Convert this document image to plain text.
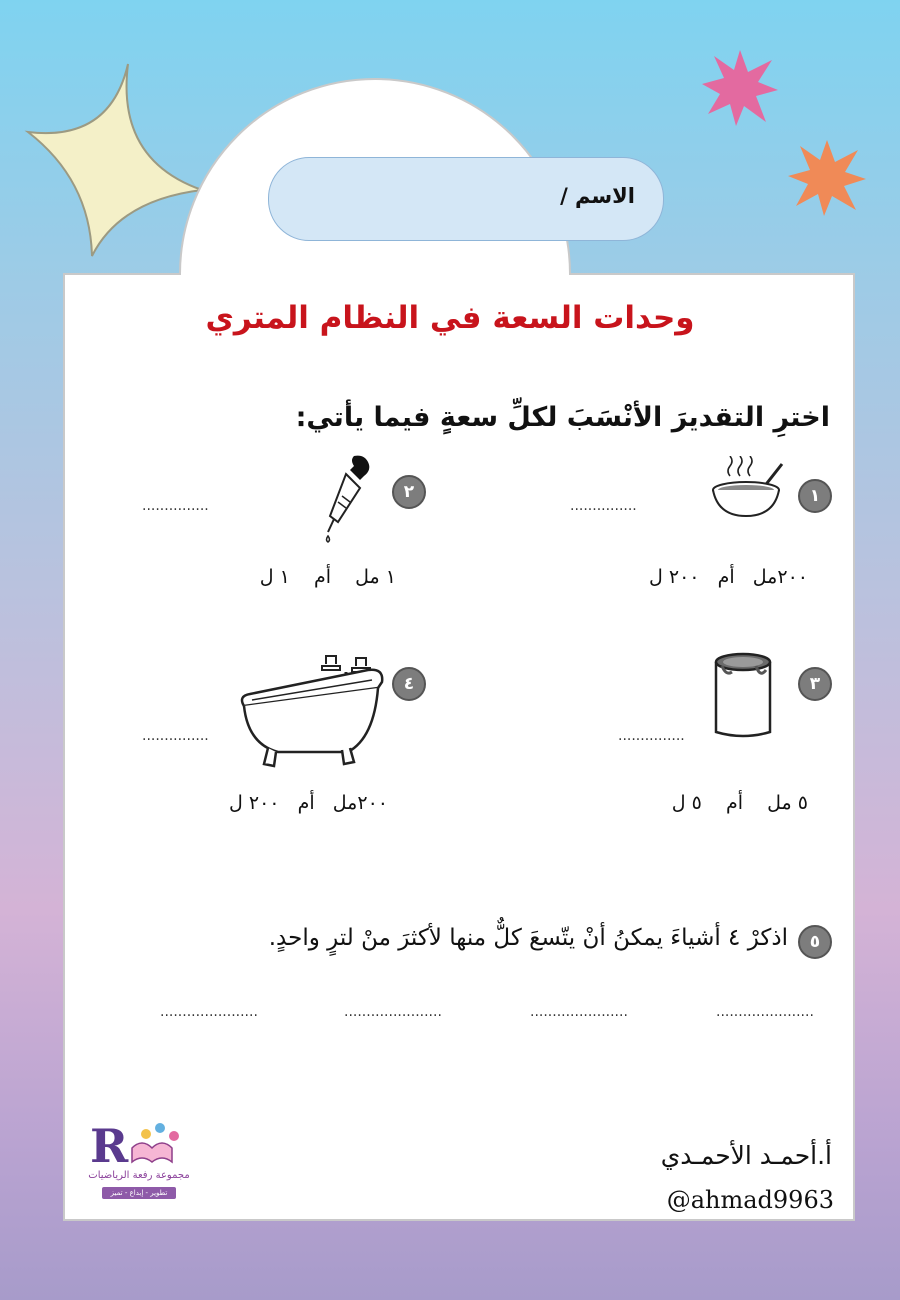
الاسم /
وحدات السعة في النظام المتري
اخترِ التقديرَ الأنْسَبَ لكلِّ سعةٍ فيما يأتي:
١
...............
٢٠٠مل   أم   ٢٠٠ ل
٢
...............
١ مل    أم    ١ ل
٣
...............
٥ مل    أم    ٥ ل
٤
...............
٢٠٠مل   أم   ٢٠٠ ل
٥
اذكرْ ٤ أشياءَ يمكنُ أنْ يتّسعَ كلٌّ منها لأكثرَ منْ لترٍ واحدٍ.
......................
......................
......................
......................
R
مجموعة رفعة الرياضيات
تطوير - إبداع - تميز
أ.أحمـد الأحمـدي
@ahmad9963
